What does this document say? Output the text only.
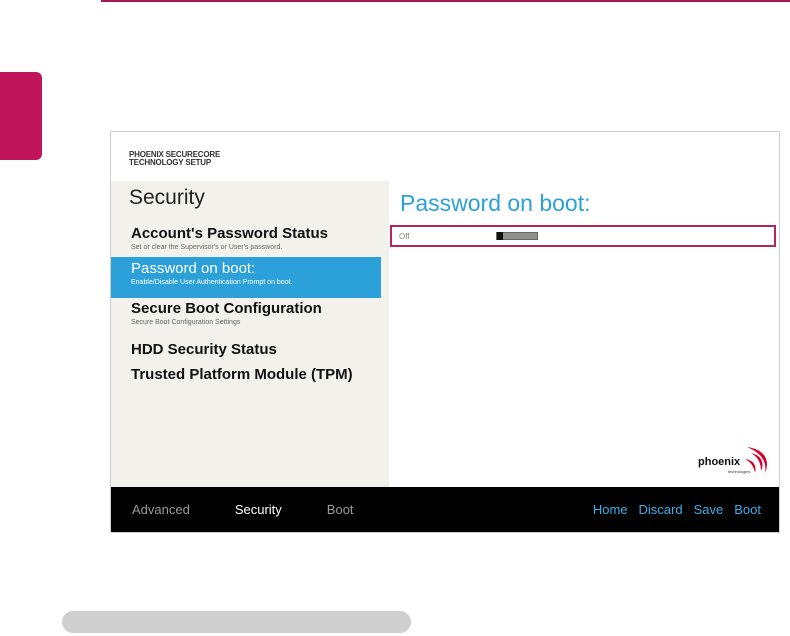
PHOENIX SECURECORE
TECHNOLOGY SETUP
Security
Account's Password Status
Set or clear the Supervisor's or User's password.
Password on boot:
Enable/Disable User Authentication Prompt on boot.
Secure Boot Configuration
Secure Boot Configuration Settings
HDD Security Status
Trusted Platform Module (TPM)
Password on boot:
Off
phoenix
technologies
Advanced	Security	Boot	Home Discard Save Boot
